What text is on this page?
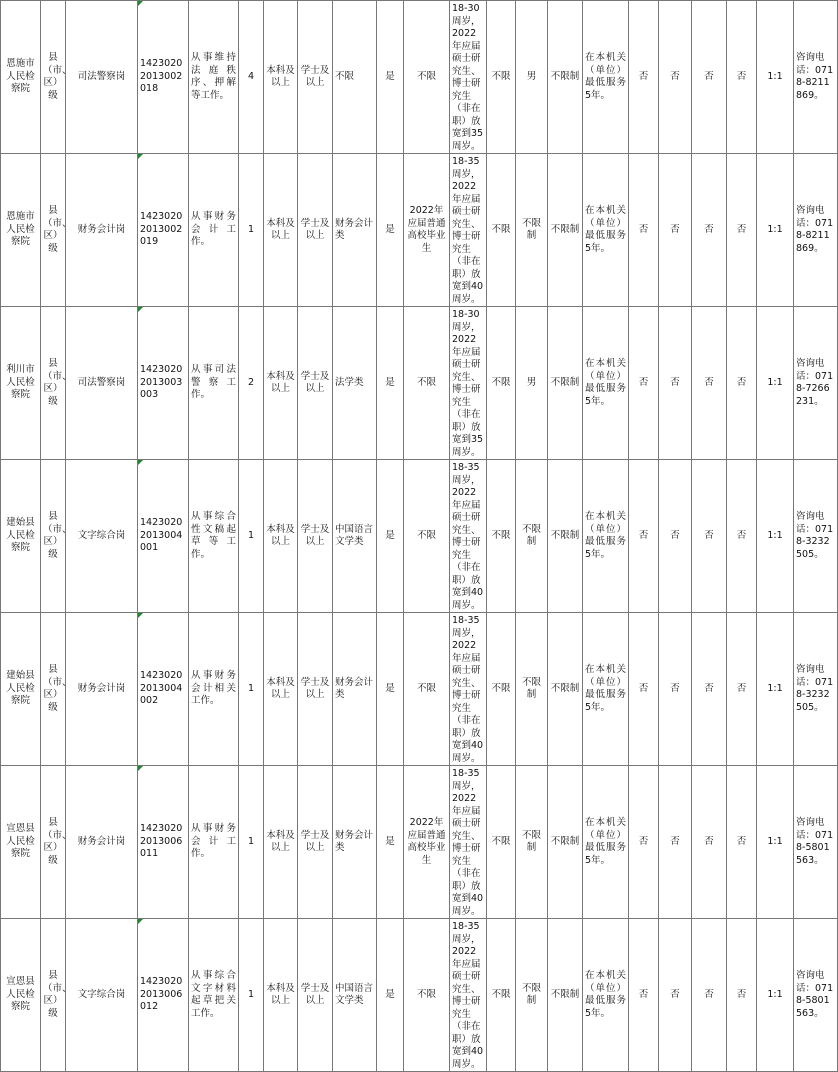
恩施市人民检察院	县（市、区）级	司法警察岗	14230202013002018	从事维持法庭秩序、押解等工作。	4	本科及以上	学士及以上	不限	是	不限	18-30周岁，2022年应届硕士研究生、博士研究生（非在职）放宽到35周岁。	不限	男	不限制	在本机关（单位）最低服务5年。	否	否	否	否	1:1	咨询电话：0718-8211869。
恩施市人民检察院	县（市、区）级	财务会计岗	14230202013002019	从事财务会计工作。	1	本科及以上	学士及以上	财务会计类	是	2022年应届普通高校毕业生	18-35周岁，2022年应届硕士研究生、博士研究生（非在职）放宽到40周岁。	不限	不限制	不限制	在本机关（单位）最低服务5年。	否	否	否	否	1:1	咨询电话：0718-8211869。
利川市人民检察院	县（市、区）级	司法警察岗	14230202013003003	从事司法警察工作。	2	本科及以上	学士及以上	法学类	是	不限	18-30周岁，2022年应届硕士研究生、博士研究生（非在职）放宽到35周岁。	不限	男	不限制	在本机关（单位）最低服务5年。	否	否	否	否	1:1	咨询电话：0718-7266231。
建始县人民检察院	县（市、区）级	文字综合岗	14230202013004001	从事综合性文稿起草等工作。	1	本科及以上	学士及以上	中国语言文学类	是	不限	18-35周岁，2022年应届硕士研究生、博士研究生（非在职）放宽到40周岁。	不限	不限制	不限制	在本机关（单位）最低服务5年。	否	否	否	否	1:1	咨询电话：0718-3232505。
建始县人民检察院	县（市、区）级	财务会计岗	14230202013004002	从事财务会计相关工作。	1	本科及以上	学士及以上	财务会计类	是	不限	18-35周岁，2022年应届硕士研究生、博士研究生（非在职）放宽到40周岁。	不限	不限制	不限制	在本机关（单位）最低服务5年。	否	否	否	否	1:1	咨询电话：0718-3232505。
宣恩县人民检察院	县（市、区）级	财务会计岗	14230202013006011	从事财务会计工作。	1	本科及以上	学士及以上	财务会计类	是	2022年应届普通高校毕业生	18-35周岁，2022年应届硕士研究生、博士研究生（非在职）放宽到40周岁。	不限	不限制	不限制	在本机关（单位）最低服务5年。	否	否	否	否	1:1	咨询电话：0718-5801563。
宣恩县人民检察院	县（市、区）级	文字综合岗	14230202013006012	从事综合文字材料起草把关工作。	1	本科及以上	学士及以上	中国语言文学类	是	不限	18-35周岁，2022年应届硕士研究生、博士研究生（非在职）放宽到40周岁。	不限	不限制	不限制	在本机关（单位）最低服务5年。	否	否	否	否	1:1	咨询电话：0718-5801563。
